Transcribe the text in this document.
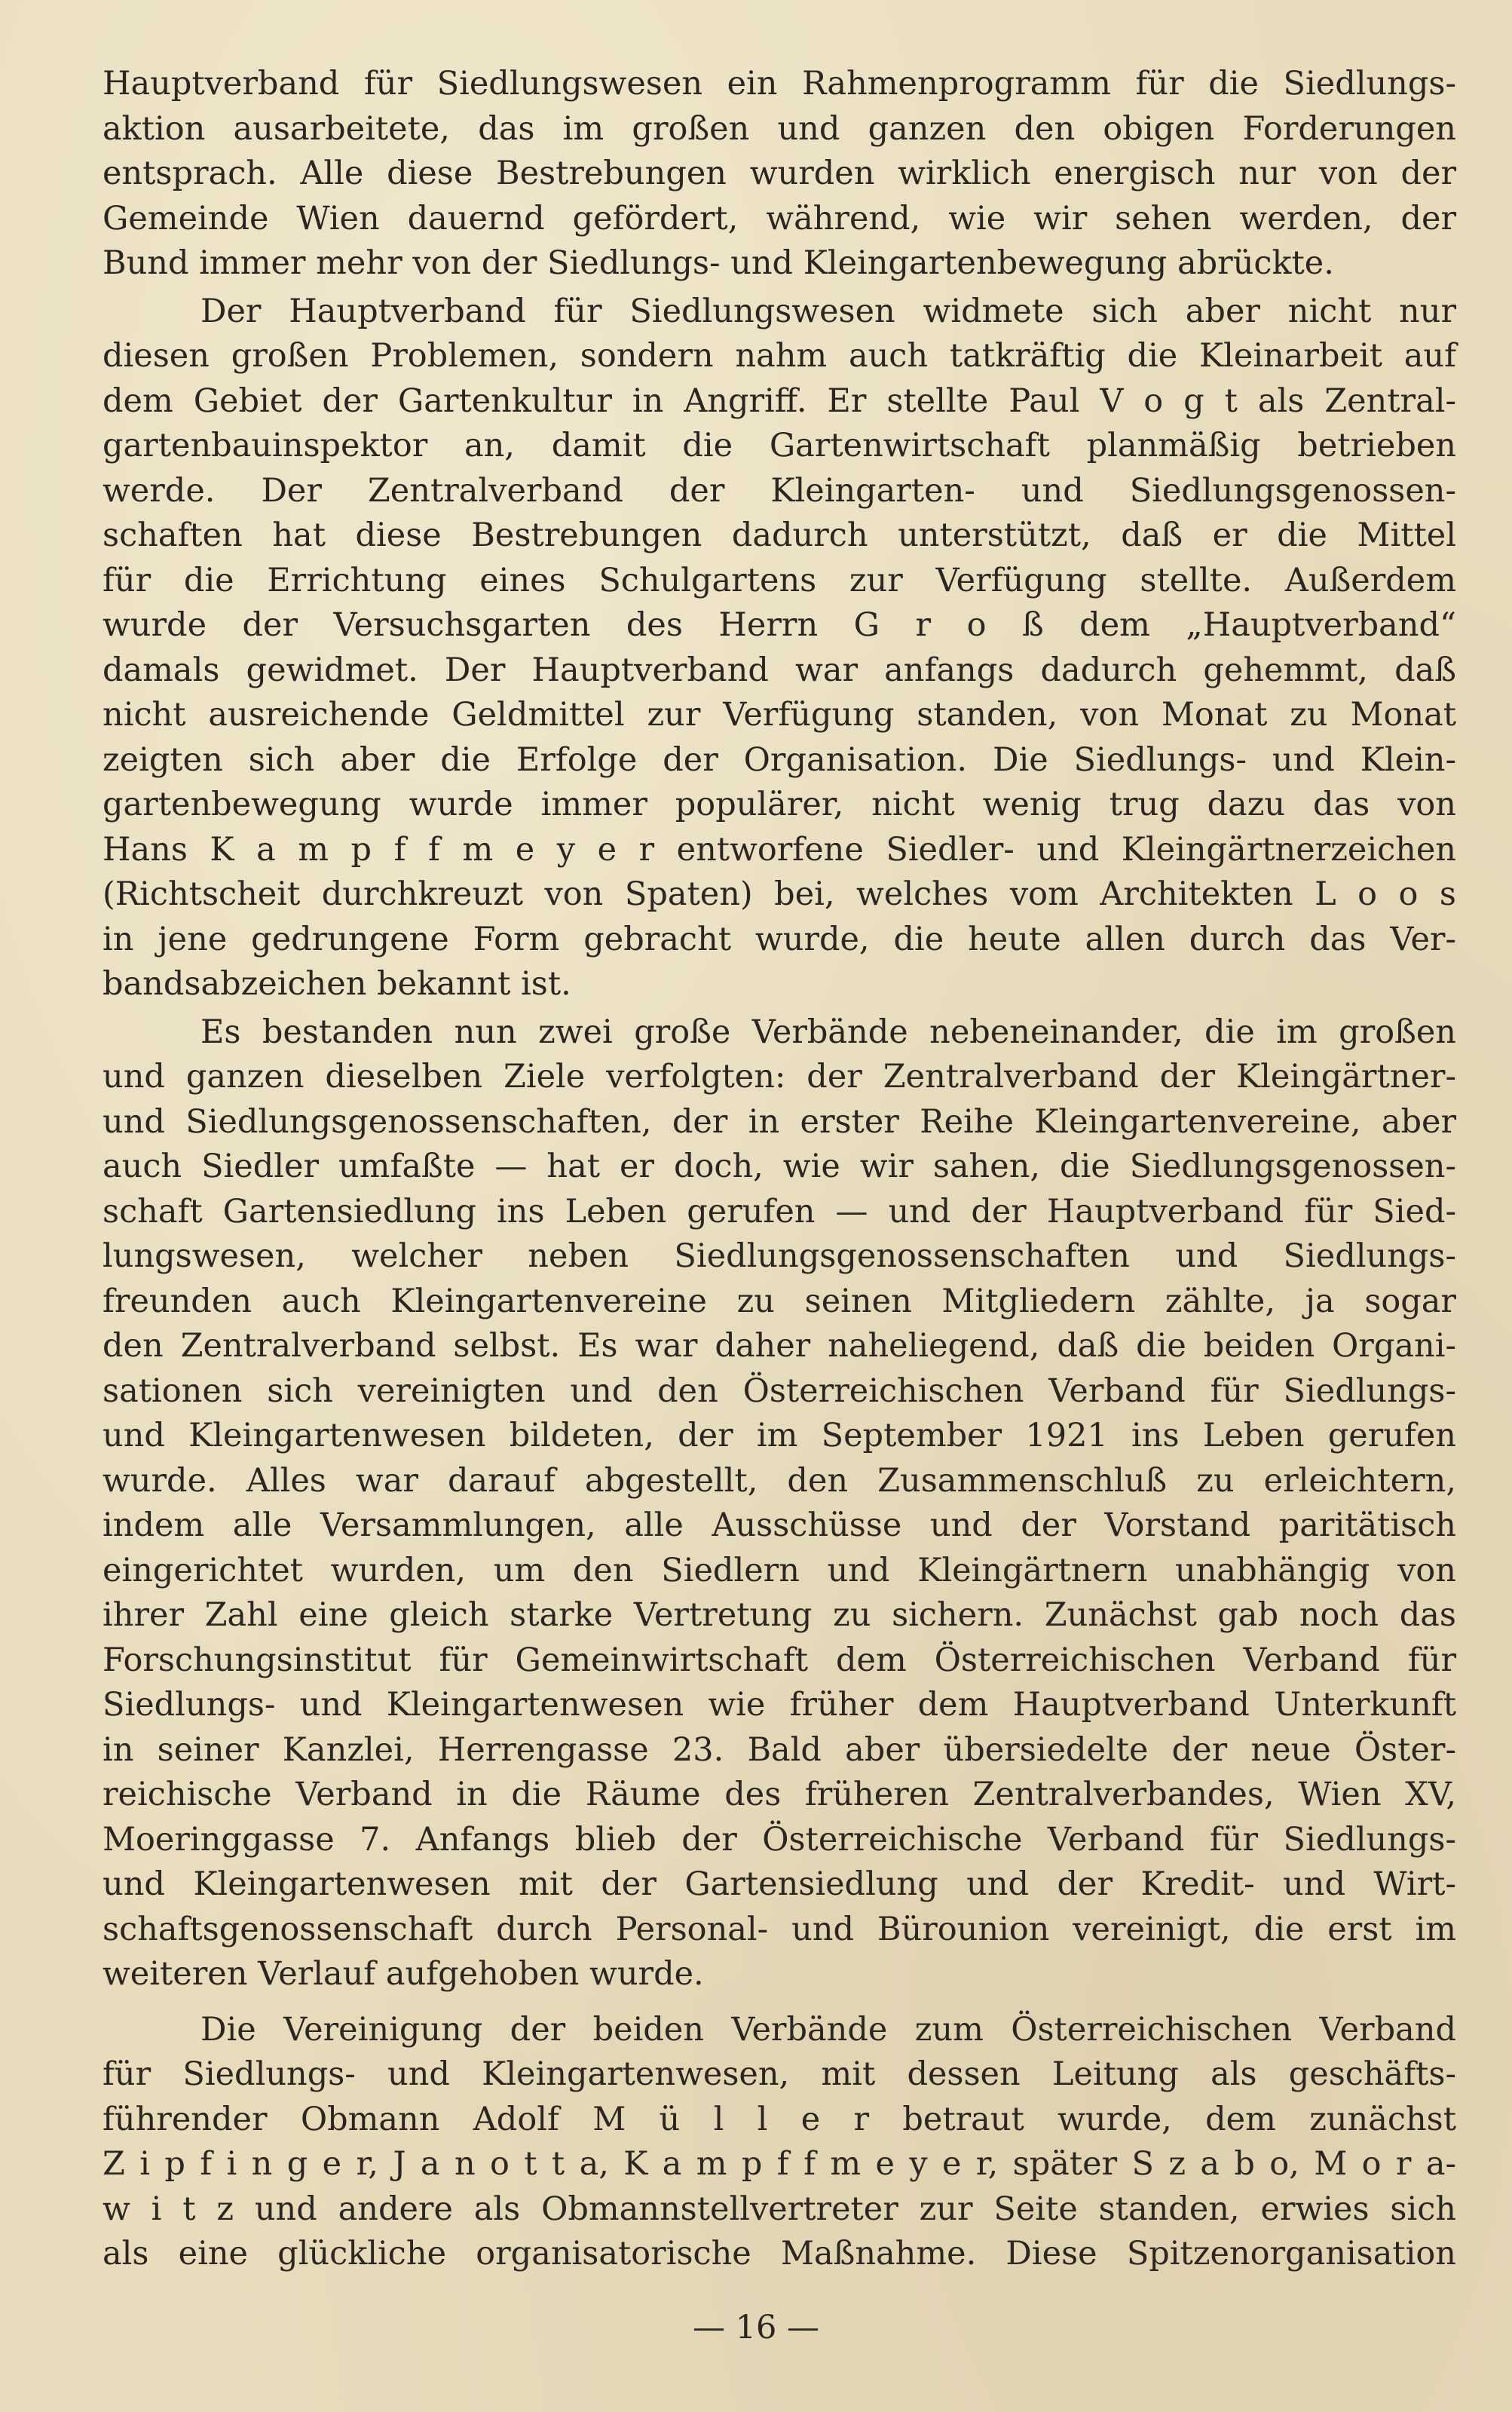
Hauptverband für Siedlungswesen ein Rahmenprogramm für die Siedlungs-
aktion ausarbeitete, das im großen und ganzen den obigen Forderungen
entsprach. Alle diese Bestrebungen wurden wirklich energisch nur von der
Gemeinde Wien dauernd gefördert, während, wie wir sehen werden, der
Bund immer mehr von der Siedlungs- und Kleingartenbewegung abrückte.
Der Hauptverband für Siedlungswesen widmete sich aber nicht nur
diesen großen Problemen, sondern nahm auch tatkräftig die Kleinarbeit auf
dem Gebiet der Gartenkultur in Angriff. Er stellte Paul V o g t als Zentral-
gartenbauinspektor an, damit die Gartenwirtschaft planmäßig betrieben
werde. Der Zentralverband der Kleingarten- und Siedlungsgenossen-
schaften hat diese Bestrebungen dadurch unterstützt, daß er die Mittel
für die Errichtung eines Schulgartens zur Verfügung stellte. Außerdem
wurde der Versuchsgarten des Herrn G r o ß dem „Hauptverband“
damals gewidmet. Der Hauptverband war anfangs dadurch gehemmt, daß
nicht ausreichende Geldmittel zur Verfügung standen, von Monat zu Monat
zeigten sich aber die Erfolge der Organisation. Die Siedlungs- und Klein-
gartenbewegung wurde immer populärer, nicht wenig trug dazu das von
Hans K a m p f f m e y e r entworfene Siedler- und Kleingärtnerzeichen
(Richtscheit durchkreuzt von Spaten) bei, welches vom Architekten L o o s
in jene gedrungene Form gebracht wurde, die heute allen durch das Ver-
bandsabzeichen bekannt ist.
Es bestanden nun zwei große Verbände nebeneinander, die im großen
und ganzen dieselben Ziele verfolgten: der Zentralverband der Kleingärtner-
und Siedlungsgenossenschaften, der in erster Reihe Kleingartenvereine, aber
auch Siedler umfaßte — hat er doch, wie wir sahen, die Siedlungsgenossen-
schaft Gartensiedlung ins Leben gerufen — und der Hauptverband für Sied-
lungswesen, welcher neben Siedlungsgenossenschaften und Siedlungs-
freunden auch Kleingartenvereine zu seinen Mitgliedern zählte, ja sogar
den Zentralverband selbst. Es war daher naheliegend, daß die beiden Organi-
sationen sich vereinigten und den Österreichischen Verband für Siedlungs-
und Kleingartenwesen bildeten, der im September 1921 ins Leben gerufen
wurde. Alles war darauf abgestellt, den Zusammenschluß zu erleichtern,
indem alle Versammlungen, alle Ausschüsse und der Vorstand paritätisch
eingerichtet wurden, um den Siedlern und Kleingärtnern unabhängig von
ihrer Zahl eine gleich starke Vertretung zu sichern. Zunächst gab noch das
Forschungsinstitut für Gemeinwirtschaft dem Österreichischen Verband für
Siedlungs- und Kleingartenwesen wie früher dem Hauptverband Unterkunft
in seiner Kanzlei, Herrengasse 23. Bald aber übersiedelte der neue Öster-
reichische Verband in die Räume des früheren Zentralverbandes, Wien XV,
Moeringgasse 7. Anfangs blieb der Österreichische Verband für Siedlungs-
und Kleingartenwesen mit der Gartensiedlung und der Kredit- und Wirt-
schaftsgenossenschaft durch Personal- und Bürounion vereinigt, die erst im
weiteren Verlauf aufgehoben wurde.
Die Vereinigung der beiden Verbände zum Österreichischen Verband
für Siedlungs- und Kleingartenwesen, mit dessen Leitung als geschäfts-
führender Obmann Adolf M ü l l e r betraut wurde, dem zunächst
Z i p f i n g e r, J a n o t t a, K a m p f f m e y e r, später S z a b o, M o r a-
w i t z und andere als Obmannstellvertreter zur Seite standen, erwies sich
als eine glückliche organisatorische Maßnahme. Diese Spitzenorganisation
— 16 —
